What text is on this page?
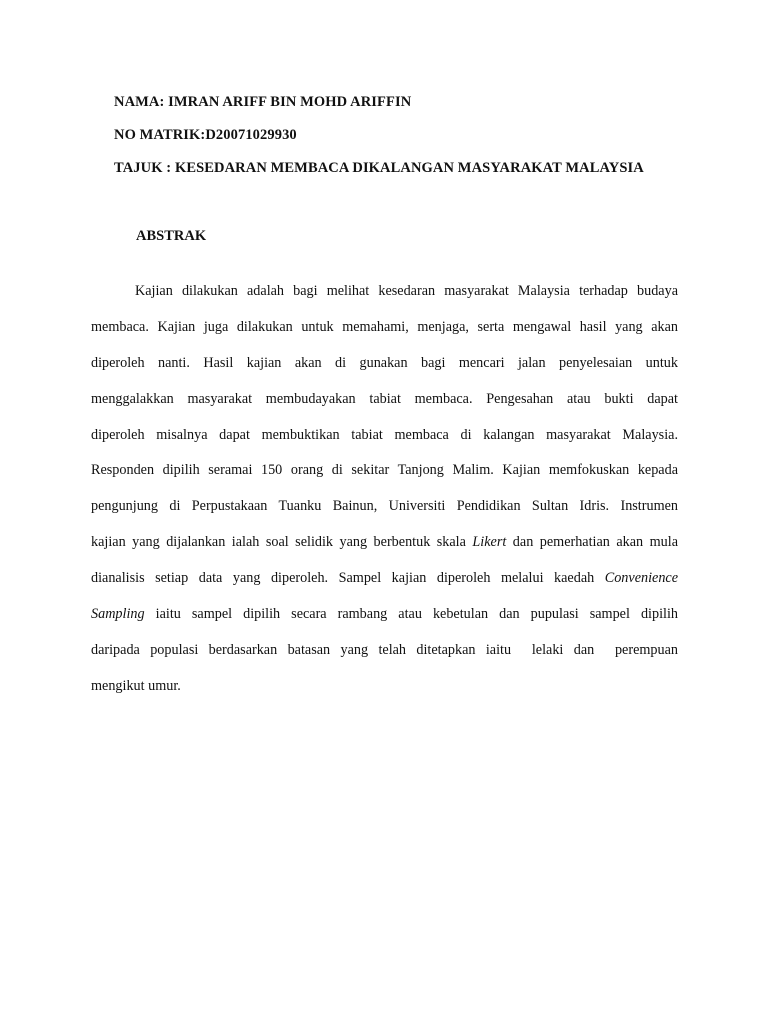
NAMA: IMRAN ARIFF BIN MOHD ARIFFIN
NO MATRIK:D20071029930
TAJUK : KESEDARAN MEMBACA DIKALANGAN MASYARAKAT MALAYSIA
ABSTRAK
Kajian dilakukan adalah bagi melihat kesedaran masyarakat Malaysia terhadap budaya
membaca. Kajian juga dilakukan untuk memahami, menjaga, serta mengawal hasil yang akan
diperoleh nanti. Hasil kajian akan di gunakan bagi mencari jalan penyelesaian untuk
menggalakkan masyarakat membudayakan tabiat membaca. Pengesahan atau bukti dapat
diperoleh misalnya dapat membuktikan tabiat membaca di kalangan masyarakat Malaysia.
Responden dipilih seramai 150 orang di sekitar Tanjong Malim. Kajian memfokuskan kepada
pengunjung di Perpustakaan Tuanku Bainun, Universiti Pendidikan Sultan Idris. Instrumen
kajian yang dijalankan ialah soal selidik yang berbentuk skala Likert dan pemerhatian akan mula
dianalisis setiap data yang diperoleh. Sampel kajian diperoleh melalui kaedah Convenience
Sampling iaitu sampel dipilih secara rambang atau kebetulan dan pupulasi sampel dipilih
daripada populasi berdasarkan batasan yang telah ditetapkan iaitu  lelaki dan  perempuan
mengikut umur.
